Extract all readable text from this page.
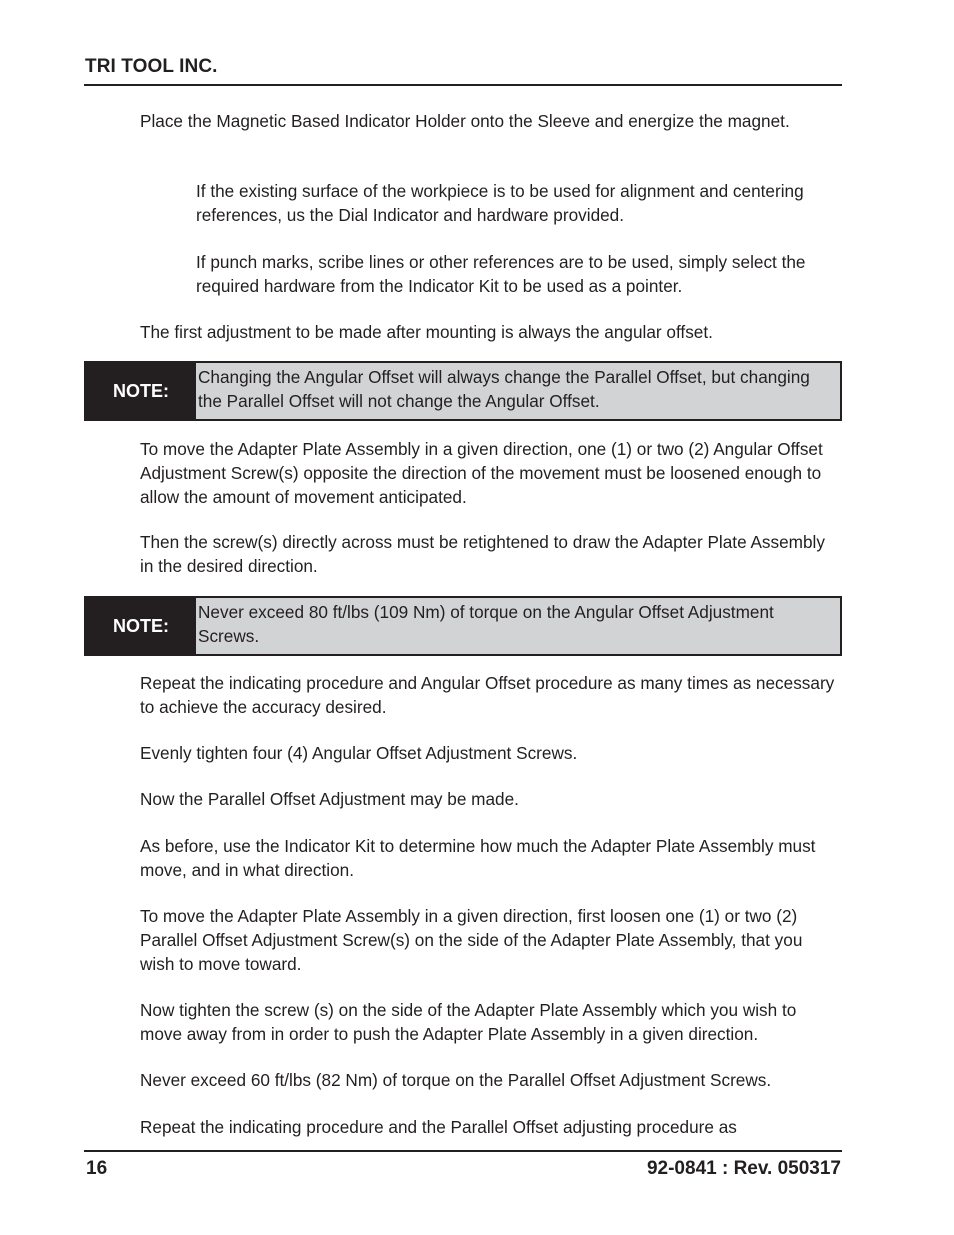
TRI TOOL INC.

Place the Magnetic Based Indicator Holder onto the Sleeve and energize the magnet.

If the existing surface of the workpiece is to be used for alignment and centering references, us the Dial Indicator and hardware provided.

If punch marks, scribe lines or other references are to be used, simply select the required hardware from the Indicator Kit to be used as a pointer.

The first adjustment to be made after mounting is always the angular offset.

NOTE:
Changing the Angular Offset will always change the Parallel Offset, but changing the Parallel Offset will not change the Angular Offset.

To move the Adapter Plate Assembly in a given direction, one (1) or two (2) Angular Offset Adjustment Screw(s) opposite the direction of the movement must be loosened enough to allow the amount of movement anticipated.

Then the screw(s) directly across must be retightened to draw the Adapter Plate Assembly in the desired direction.

NOTE:
Never exceed 80 ft/lbs (109 Nm) of torque on the Angular Offset Adjustment Screws.

Repeat the indicating procedure and Angular Offset procedure as many times as necessary to achieve the accuracy desired.

Evenly tighten four (4) Angular Offset Adjustment Screws.

Now the Parallel Offset Adjustment may be made.

As before, use the Indicator Kit to determine how much the Adapter Plate Assembly must move, and in what direction.

To move the Adapter Plate Assembly in a given direction, first loosen one (1) or two (2) Parallel Offset Adjustment Screw(s) on the side of the Adapter Plate Assembly, that you wish to move toward.

Now tighten the screw (s) on the side of the Adapter Plate Assembly which you wish to move away from in order to push the Adapter Plate Assembly in a given direction.

Never exceed 60 ft/lbs (82 Nm) of torque on the Parallel Offset Adjustment Screws.

Repeat the indicating procedure and the Parallel Offset adjusting procedure as

16	92-0841 : Rev. 050317
